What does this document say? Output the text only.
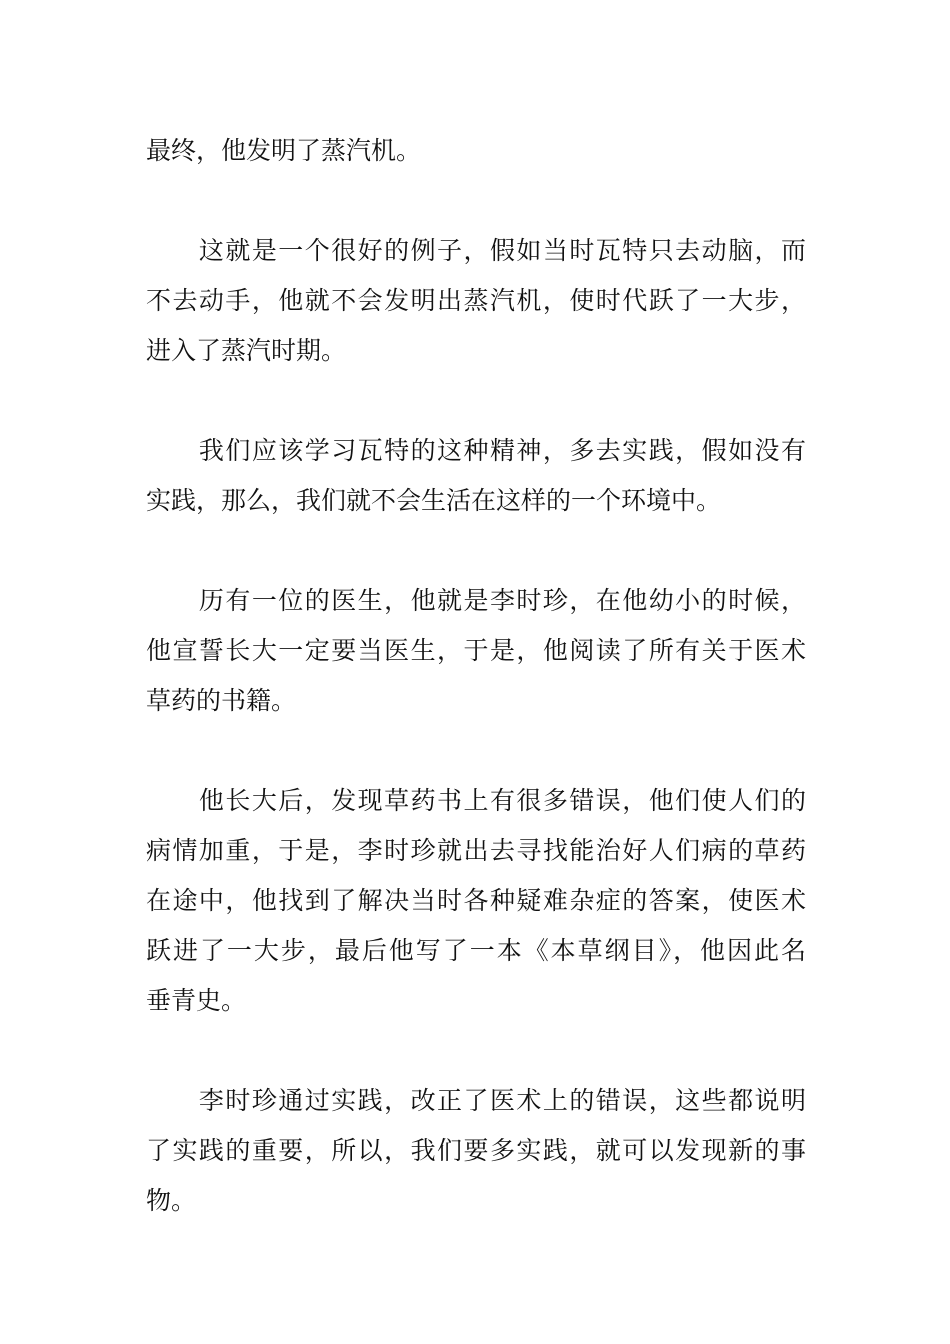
最终，他发明了蒸汽机。
　　这就是一个很好的例子，假如当时瓦特只去动脑，而
不去动手，他就不会发明出蒸汽机，使时代跃了一大步，
进入了蒸汽时期。
　　我们应该学习瓦特的这种精神，多去实践，假如没有
实践，那么，我们就不会生活在这样的一个环境中。
　　历有一位的医生，他就是李时珍，在他幼小的时候，
他宣誓长大一定要当医生，于是，他阅读了所有关于医术
草药的书籍。
　　他长大后，发现草药书上有很多错误，他们使人们的
病情加重，于是，李时珍就出去寻找能治好人们病的草药
在途中，他找到了解决当时各种疑难杂症的答案，使医术
跃进了一大步，最后他写了一本《本草纲目》，他因此名
垂青史。
　　李时珍通过实践，改正了医术上的错误，这些都说明
了实践的重要，所以，我们要多实践，就可以发现新的事
物。
